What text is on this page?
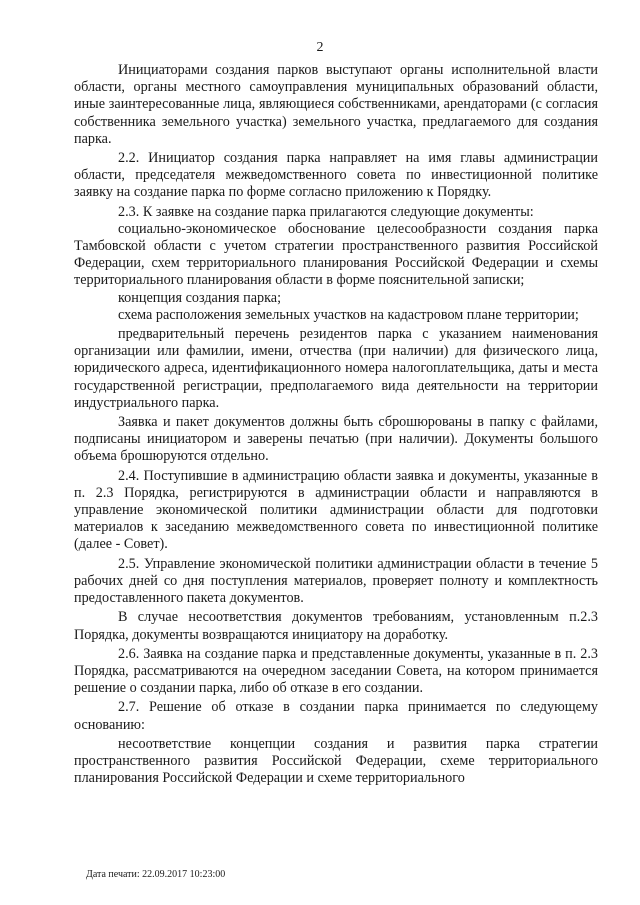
2

Инициаторами создания парков выступают органы исполнительной власти области, органы местного самоуправления муниципальных образований области, иные заинтересованные лица, являющиеся собственниками, арендаторами (с согласия собственника земельного участка) земельного участка, предлагаемого для создания парка.

2.2. Инициатор создания парка направляет на имя главы администрации области, председателя межведомственного совета по инвестиционной политике заявку на создание парка по форме согласно приложению к Порядку.

2.3. К заявке на создание парка прилагаются следующие документы:

социально-экономическое обоснование целесообразности создания парка Тамбовской области с учетом стратегии пространственного развития Российской Федерации, схем территориального планирования Российской Федерации и схемы территориального планирования области в форме пояснительной записки;

концепция создания парка;

схема расположения земельных участков на кадастровом плане территории;

предварительный перечень резидентов парка с указанием наименования организации или фамилии, имени, отчества (при наличии) для физического лица, юридического адреса, идентификационного номера налогоплательщика, даты и места государственной регистрации, предполагаемого вида деятельности на территории индустриального парка.

Заявка и пакет документов должны быть сброшюрованы в папку с файлами, подписаны инициатором и заверены печатью (при наличии). Документы большого объема брошюруются отдельно.

2.4. Поступившие в администрацию области заявка и документы, указанные в п. 2.3 Порядка, регистрируются в администрации области и направляются в управление экономической политики администрации области для подготовки материалов к заседанию межведомственного совета по инвестиционной политике (далее - Совет).

2.5. Управление экономической политики администрации области в течение 5 рабочих дней со дня поступления материалов, проверяет полноту и комплектность предоставленного пакета документов.

В случае несоответствия документов требованиям, установленным п.2.3 Порядка, документы возвращаются инициатору на доработку.

2.6. Заявка на создание парка и представленные документы, указанные в п. 2.3 Порядка, рассматриваются на очередном заседании Совета, на котором принимается решение о создании парка, либо об отказе в его создании.

2.7. Решение об отказе в создании парка принимается по следующему основанию:

несоответствие концепции создания и развития парка стратегии пространственного развития Российской Федерации, схеме территориального планирования Российской Федерации и схеме территориального

Дата печати: 22.09.2017 10:23:00
